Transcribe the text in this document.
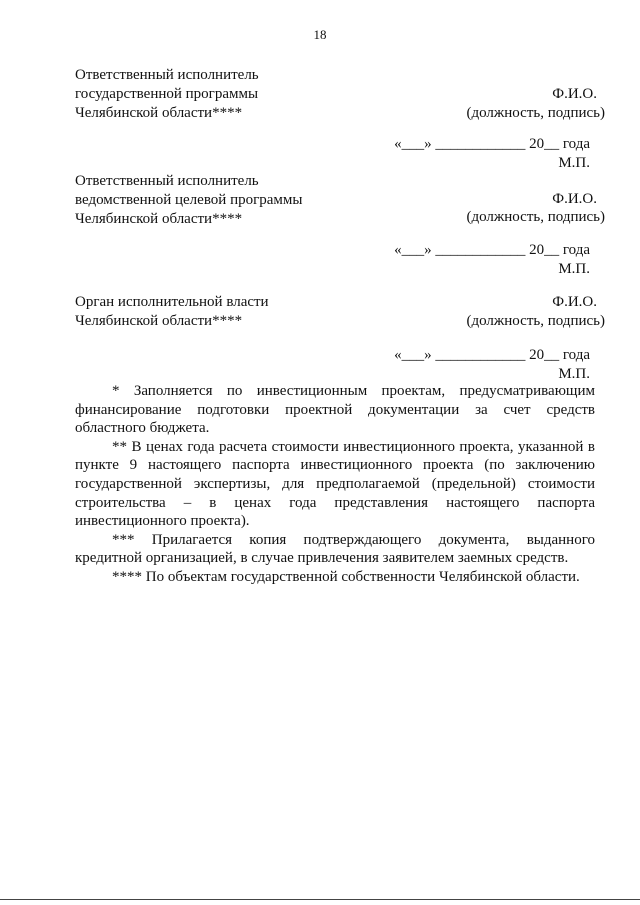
18
Ответственный исполнитель
государственной программы
Челябинской области****
Ф.И.О.
(должность, подпись)
«___» ____________ 20__ года
М.П.
Ответственный исполнитель
ведомственной целевой программы
Челябинской области****
Ф.И.О.
(должность, подпись)
«___» ____________ 20__ года
М.П.
Орган исполнительной власти
Челябинской области****
Ф.И.О.
(должность, подпись)
«___» ____________ 20__ года
М.П.

* Заполняется по инвестиционным проектам, предусматривающим финансирование подготовки проектной документации за счет средств областного бюджета.

** В ценах года расчета стоимости инвестиционного проекта, указанной в пункте 9 настоящего паспорта инвестиционного проекта (по заключению государственной экспертизы, для предполагаемой (предельной) стоимости строительства – в ценах года представления настоящего паспорта инвестиционного проекта).

*** Прилагается копия подтверждающего документа, выданного кредитной организацией, в случае привлечения заявителем заемных средств.

**** По объектам государственной собственности Челябинской области.
